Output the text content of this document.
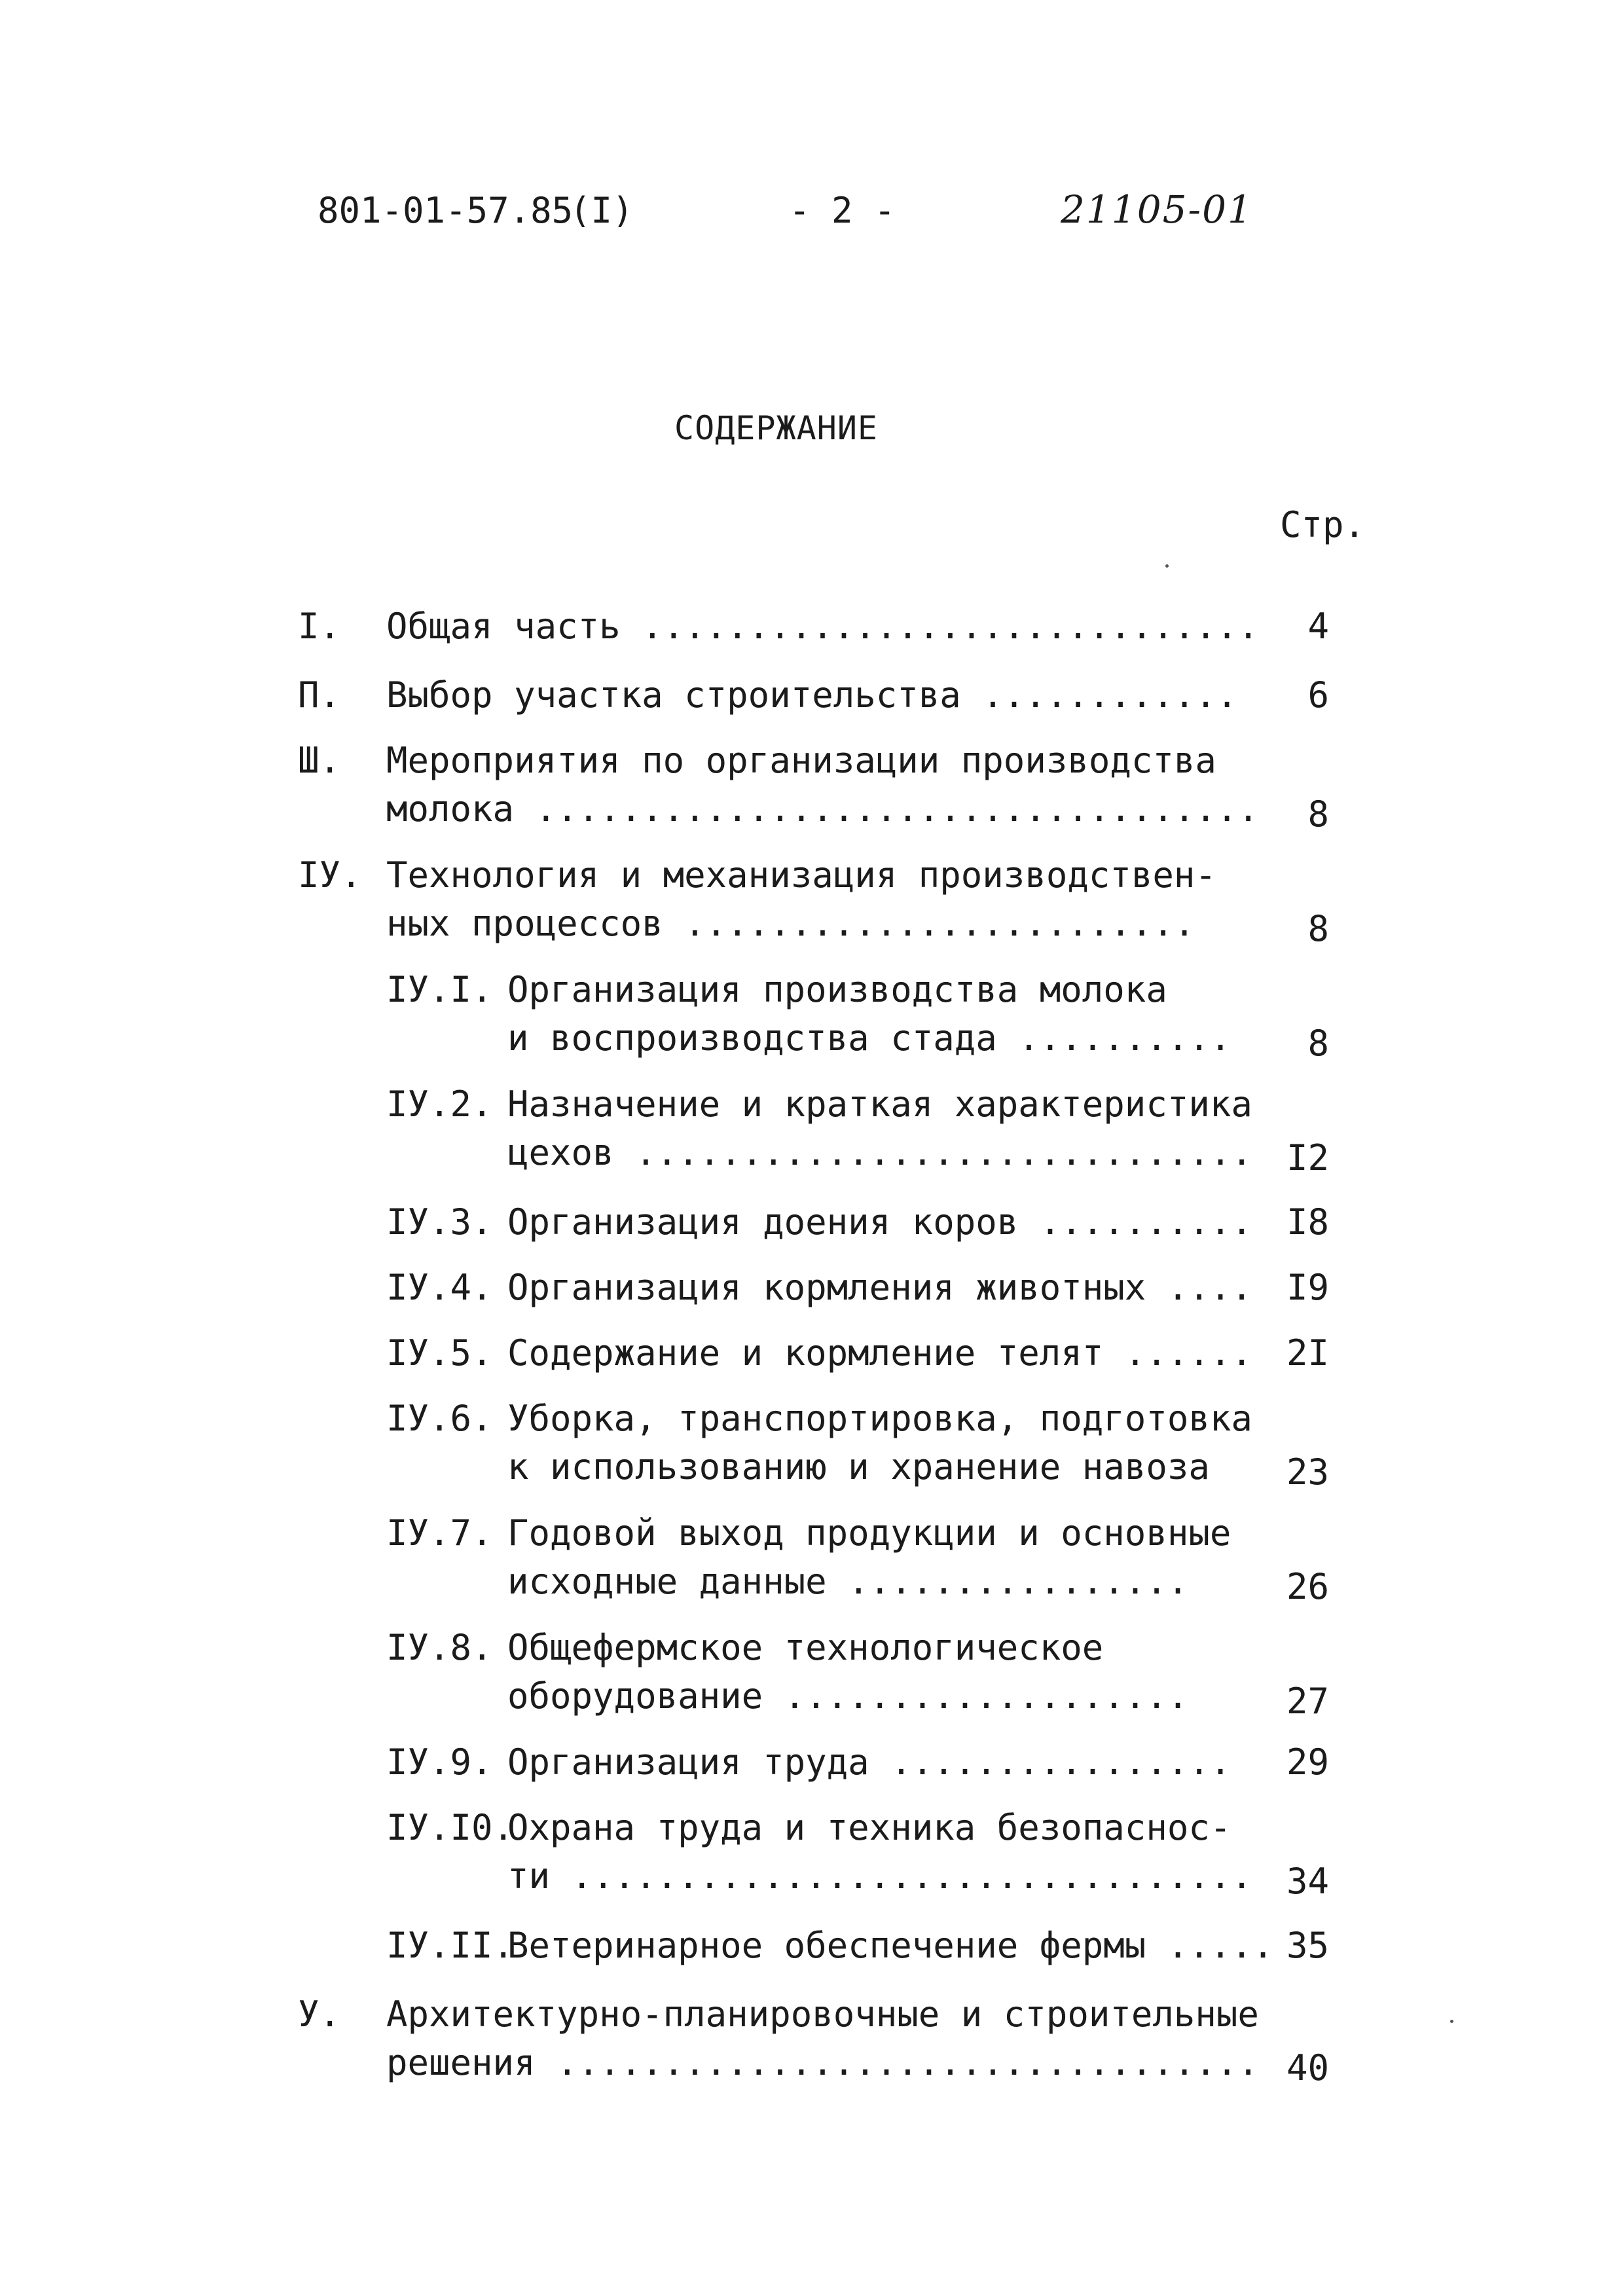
801-01-57.85
(I)	- 2 -	21105-01
СОДЕРЖАНИЕ
Стр.
I.	Общая часть .............................	4
П.	Выбор участка строительства ............	6
Ш.	Мероприятия по организации производства
молока ..................................	8
IУ. Технология и механизация производствен-
ных процессов ........................	8
IУ.I. Организация производства молока
и воспроизводства стада ..........	8
IУ.2. Назначение и краткая характеристика
цехов ............................. I2
IУ.3. Организация доения коров .......... I8
IУ.4. Организация кормления животных .... I9
IУ.5. Содержание и кормление телят ...... 2I
IУ.6. Уборка, транспортировка, подготовка
к использованию и хранение навоза	23
IУ.7. Годовой выход продукции и основные
исходные данные ................	26
IУ.8. Общефермское технологическое
оборудование ...................	27
IУ.9. Организация труда ................	29
IУ.I0.
Охрана труда и техника безопаснос-
ти ................................ 34
IУ.II.
Ветеринарное обеспечение фермы ..... 35
У.	Архитектурно-планировочные и строительные
решения ................................. 40
